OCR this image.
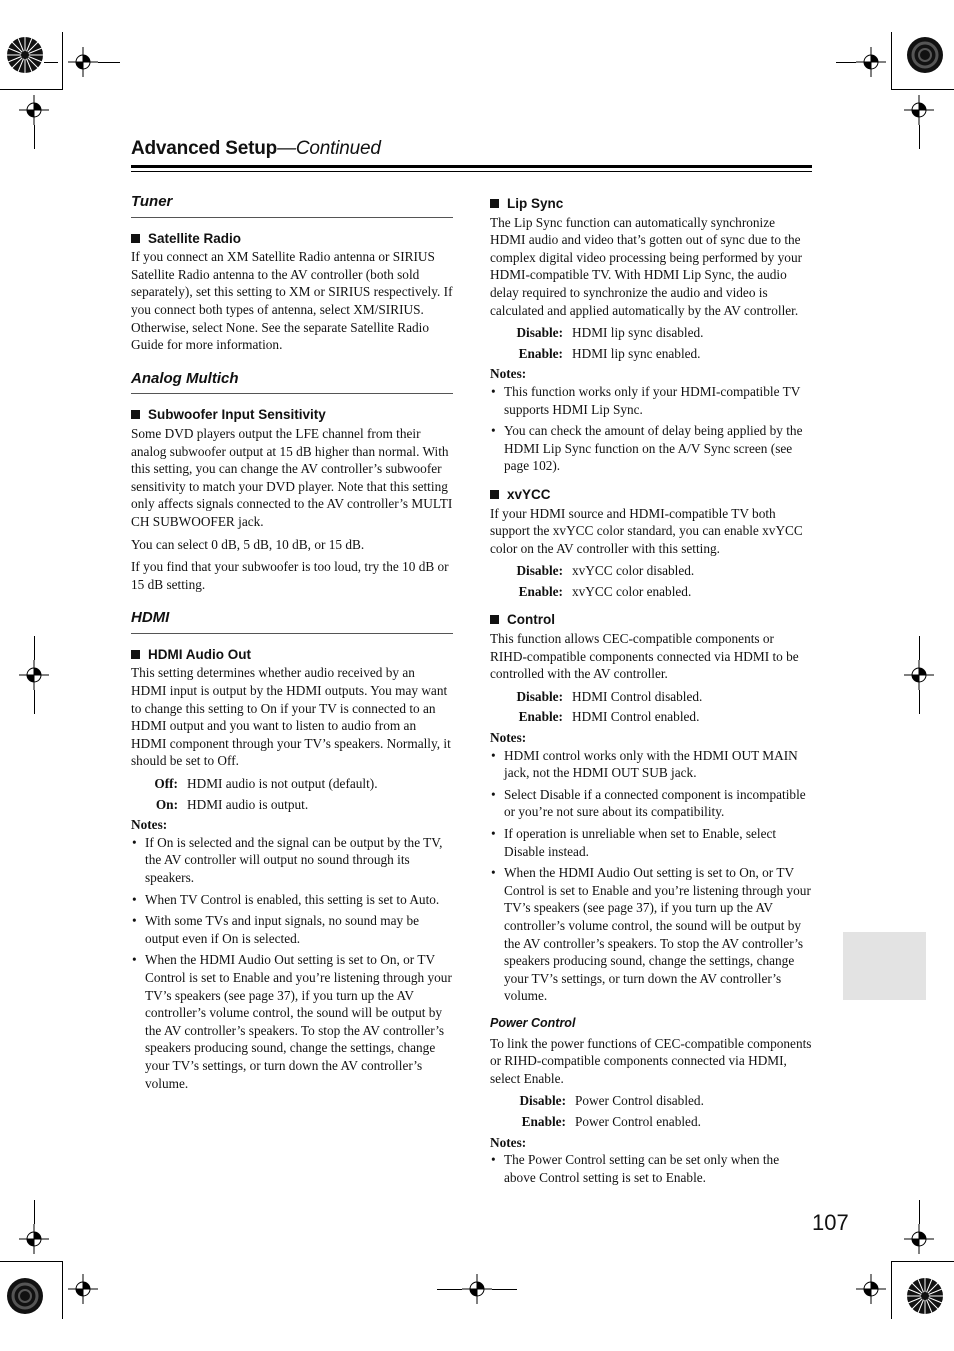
Advanced Setup—Continued
Tuner
Satellite Radio

If you connect an XM Satellite Radio antenna or SIRIUS Satellite Radio antenna to the AV controller (both sold separately), set this setting to XM or SIRIUS respectively. If you connect both types of antenna, select XM/SIRIUS. Otherwise, select None. See the separate Satellite Radio Guide for more information.

Analog Multich
Subwoofer Input Sensitivity

Some DVD players output the LFE channel from their analog subwoofer output at 15 dB higher than normal. With this setting, you can change the AV controller’s subwoofer sensitivity to match your DVD player. Note that this setting only affects signals connected to the AV controller’s MULTI CH SUBWOOFER jack.

You can select 0 dB, 5 dB, 10 dB, or 15 dB.

If you find that your subwoofer is too loud, try the 10 dB or 15 dB setting.

HDMI
HDMI Audio Out

This setting determines whether audio received by an HDMI input is output by the HDMI outputs. You may want to change this setting to On if your TV is connected to an HDMI output and you want to listen to audio from an HDMI component through your TV’s speakers. Normally, it should be set to Off.

Off: HDMI audio is not output (default).
On: HDMI audio is output.
Notes:
• If On is selected and the signal can be output by the TV, the AV controller will output no sound through its speakers.
• When TV Control is enabled, this setting is set to Auto.
• With some TVs and input signals, no sound may be output even if On is selected.
• When the HDMI Audio Out setting is set to On, or TV Control is set to Enable and you’re listening through your TV’s speakers (see page 37), if you turn up the AV controller’s volume control, the sound will be output by the AV controller’s speakers. To stop the AV controller’s speakers producing sound, change the settings, change your TV’s settings, or turn down the AV controller’s volume.
Lip Sync

The Lip Sync function can automatically synchronize HDMI audio and video that’s gotten out of sync due to the complex digital video processing being performed by your HDMI-compatible TV. With HDMI Lip Sync, the audio delay required to synchronize the audio and video is calculated and applied automatically by the AV controller.

Disable: HDMI lip sync disabled.
Enable: HDMI lip sync enabled.
Notes:
• This function works only if your HDMI-compatible TV supports HDMI Lip Sync.
• You can check the amount of delay being applied by the HDMI Lip Sync function on the A/V Sync screen (see page 102).
xvYCC

If your HDMI source and HDMI-compatible TV both support the xvYCC color standard, you can enable xvYCC color on the AV controller with this setting.

Disable: xvYCC color disabled.
Enable: xvYCC color enabled.
Control

This function allows CEC-compatible components or RIHD-compatible components connected via HDMI to be controlled with the AV controller.

Disable: HDMI Control disabled.
Enable: HDMI Control enabled.
Notes:
• HDMI control works only with the HDMI OUT MAIN jack, not the HDMI OUT SUB jack.
• Select Disable if a connected component is incompatible or you’re not sure about its compatibility.
• If operation is unreliable when set to Enable, select Disable instead.
• When the HDMI Audio Out setting is set to On, or TV Control is set to Enable and you’re listening through your TV’s speakers (see page 37), if you turn up the AV controller’s volume control, the sound will be output by the AV controller’s speakers. To stop the AV controller’s speakers producing sound, change the settings, change your TV’s settings, or turn down the AV controller’s volume.
Power Control

To link the power functions of CEC-compatible components or RIHD-compatible components connected via HDMI, select Enable.

Disable: Power Control disabled.
Enable: Power Control enabled.
Notes:
• The Power Control setting can be set only when the above Control setting is set to Enable.
107
